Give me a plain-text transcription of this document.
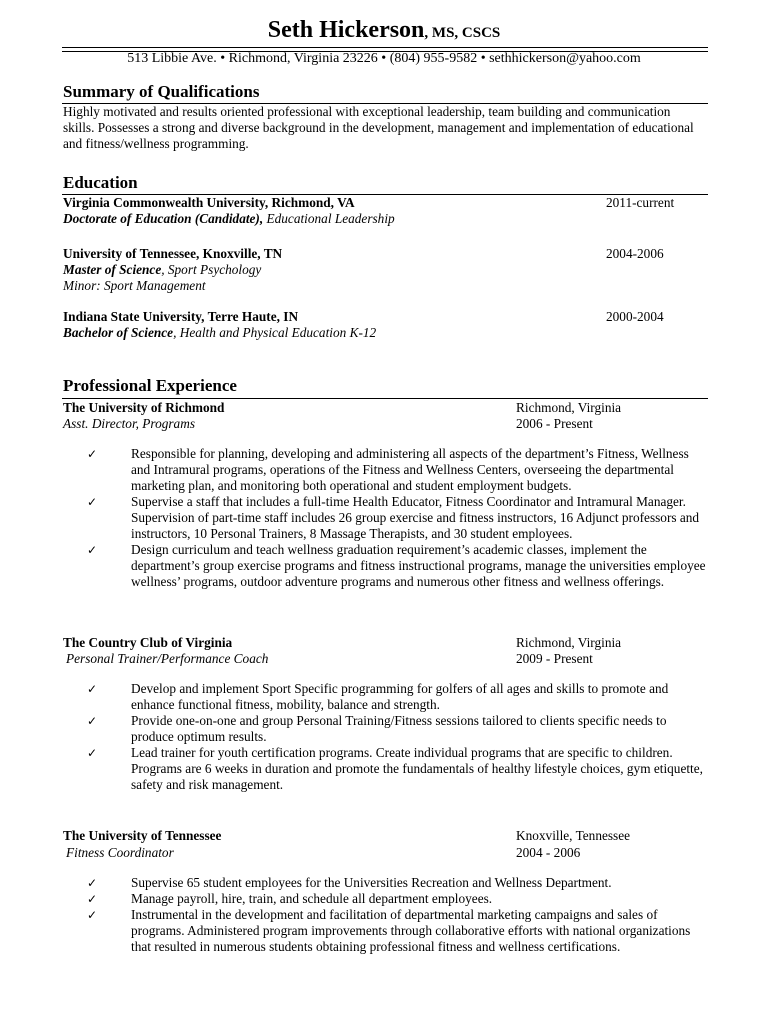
Seth Hickerson, MS, CSCS
513 Libbie Ave. • Richmond, Virginia 23226 • (804) 955-9582 • sethhickerson@yahoo.com
Summary of Qualifications
Highly motivated and results oriented professional with exceptional leadership, team building and communication skills. Possesses a strong and diverse background in the development, management and implementation of educational and fitness/wellness programming.
Education
Virginia Commonwealth University, Richmond, VA	2011-current
Doctorate of Education (Candidate), Educational Leadership
University of Tennessee, Knoxville, TN	2004-2006
Master of Science, Sport Psychology
Minor: Sport Management
Indiana State University, Terre Haute, IN	2000-2004
Bachelor of Science, Health and Physical Education K-12
Professional Experience
The University of Richmond	Richmond, Virginia
Asst. Director, Programs	2006 - Present
✓	Responsible for planning, developing and administering all aspects of the department’s Fitness, Wellness and Intramural programs, operations of the Fitness and Wellness Centers, overseeing the departmental marketing plan, and monitoring both operational and student employment budgets.
✓	Supervise a staff that includes a full-time Health Educator, Fitness Coordinator and Intramural Manager. Supervision of part-time staff includes 26 group exercise and fitness instructors, 16 Adjunct professors and instructors, 10 Personal Trainers, 8 Massage Therapists, and 30 student employees.
✓	Design curriculum and teach wellness graduation requirement’s academic classes, implement the department’s group exercise programs and fitness instructional programs, manage the universities employee wellness’ programs, outdoor adventure programs and numerous other fitness and wellness offerings.
The Country Club of Virginia	Richmond, Virginia
Personal Trainer/Performance Coach	2009 - Present
✓	Develop and implement Sport Specific programming for golfers of all ages and skills to promote and enhance functional fitness, mobility, balance and strength.
✓	Provide one-on-one and group Personal Training/Fitness sessions tailored to clients specific needs to produce optimum results.
✓	Lead trainer for youth certification programs. Create individual programs that are specific to children. Programs are 6 weeks in duration and promote the fundamentals of healthy lifestyle choices, gym etiquette, safety and risk management.
The University of Tennessee	Knoxville, Tennessee
Fitness Coordinator	2004 - 2006
✓	Supervise 65 student employees for the Universities Recreation and Wellness Department.
✓	Manage payroll, hire, train, and schedule all department employees.
✓	Instrumental in the development and facilitation of departmental marketing campaigns and sales of programs. Administered program improvements through collaborative efforts with national organizations that resulted in numerous students obtaining professional fitness and wellness certifications.
